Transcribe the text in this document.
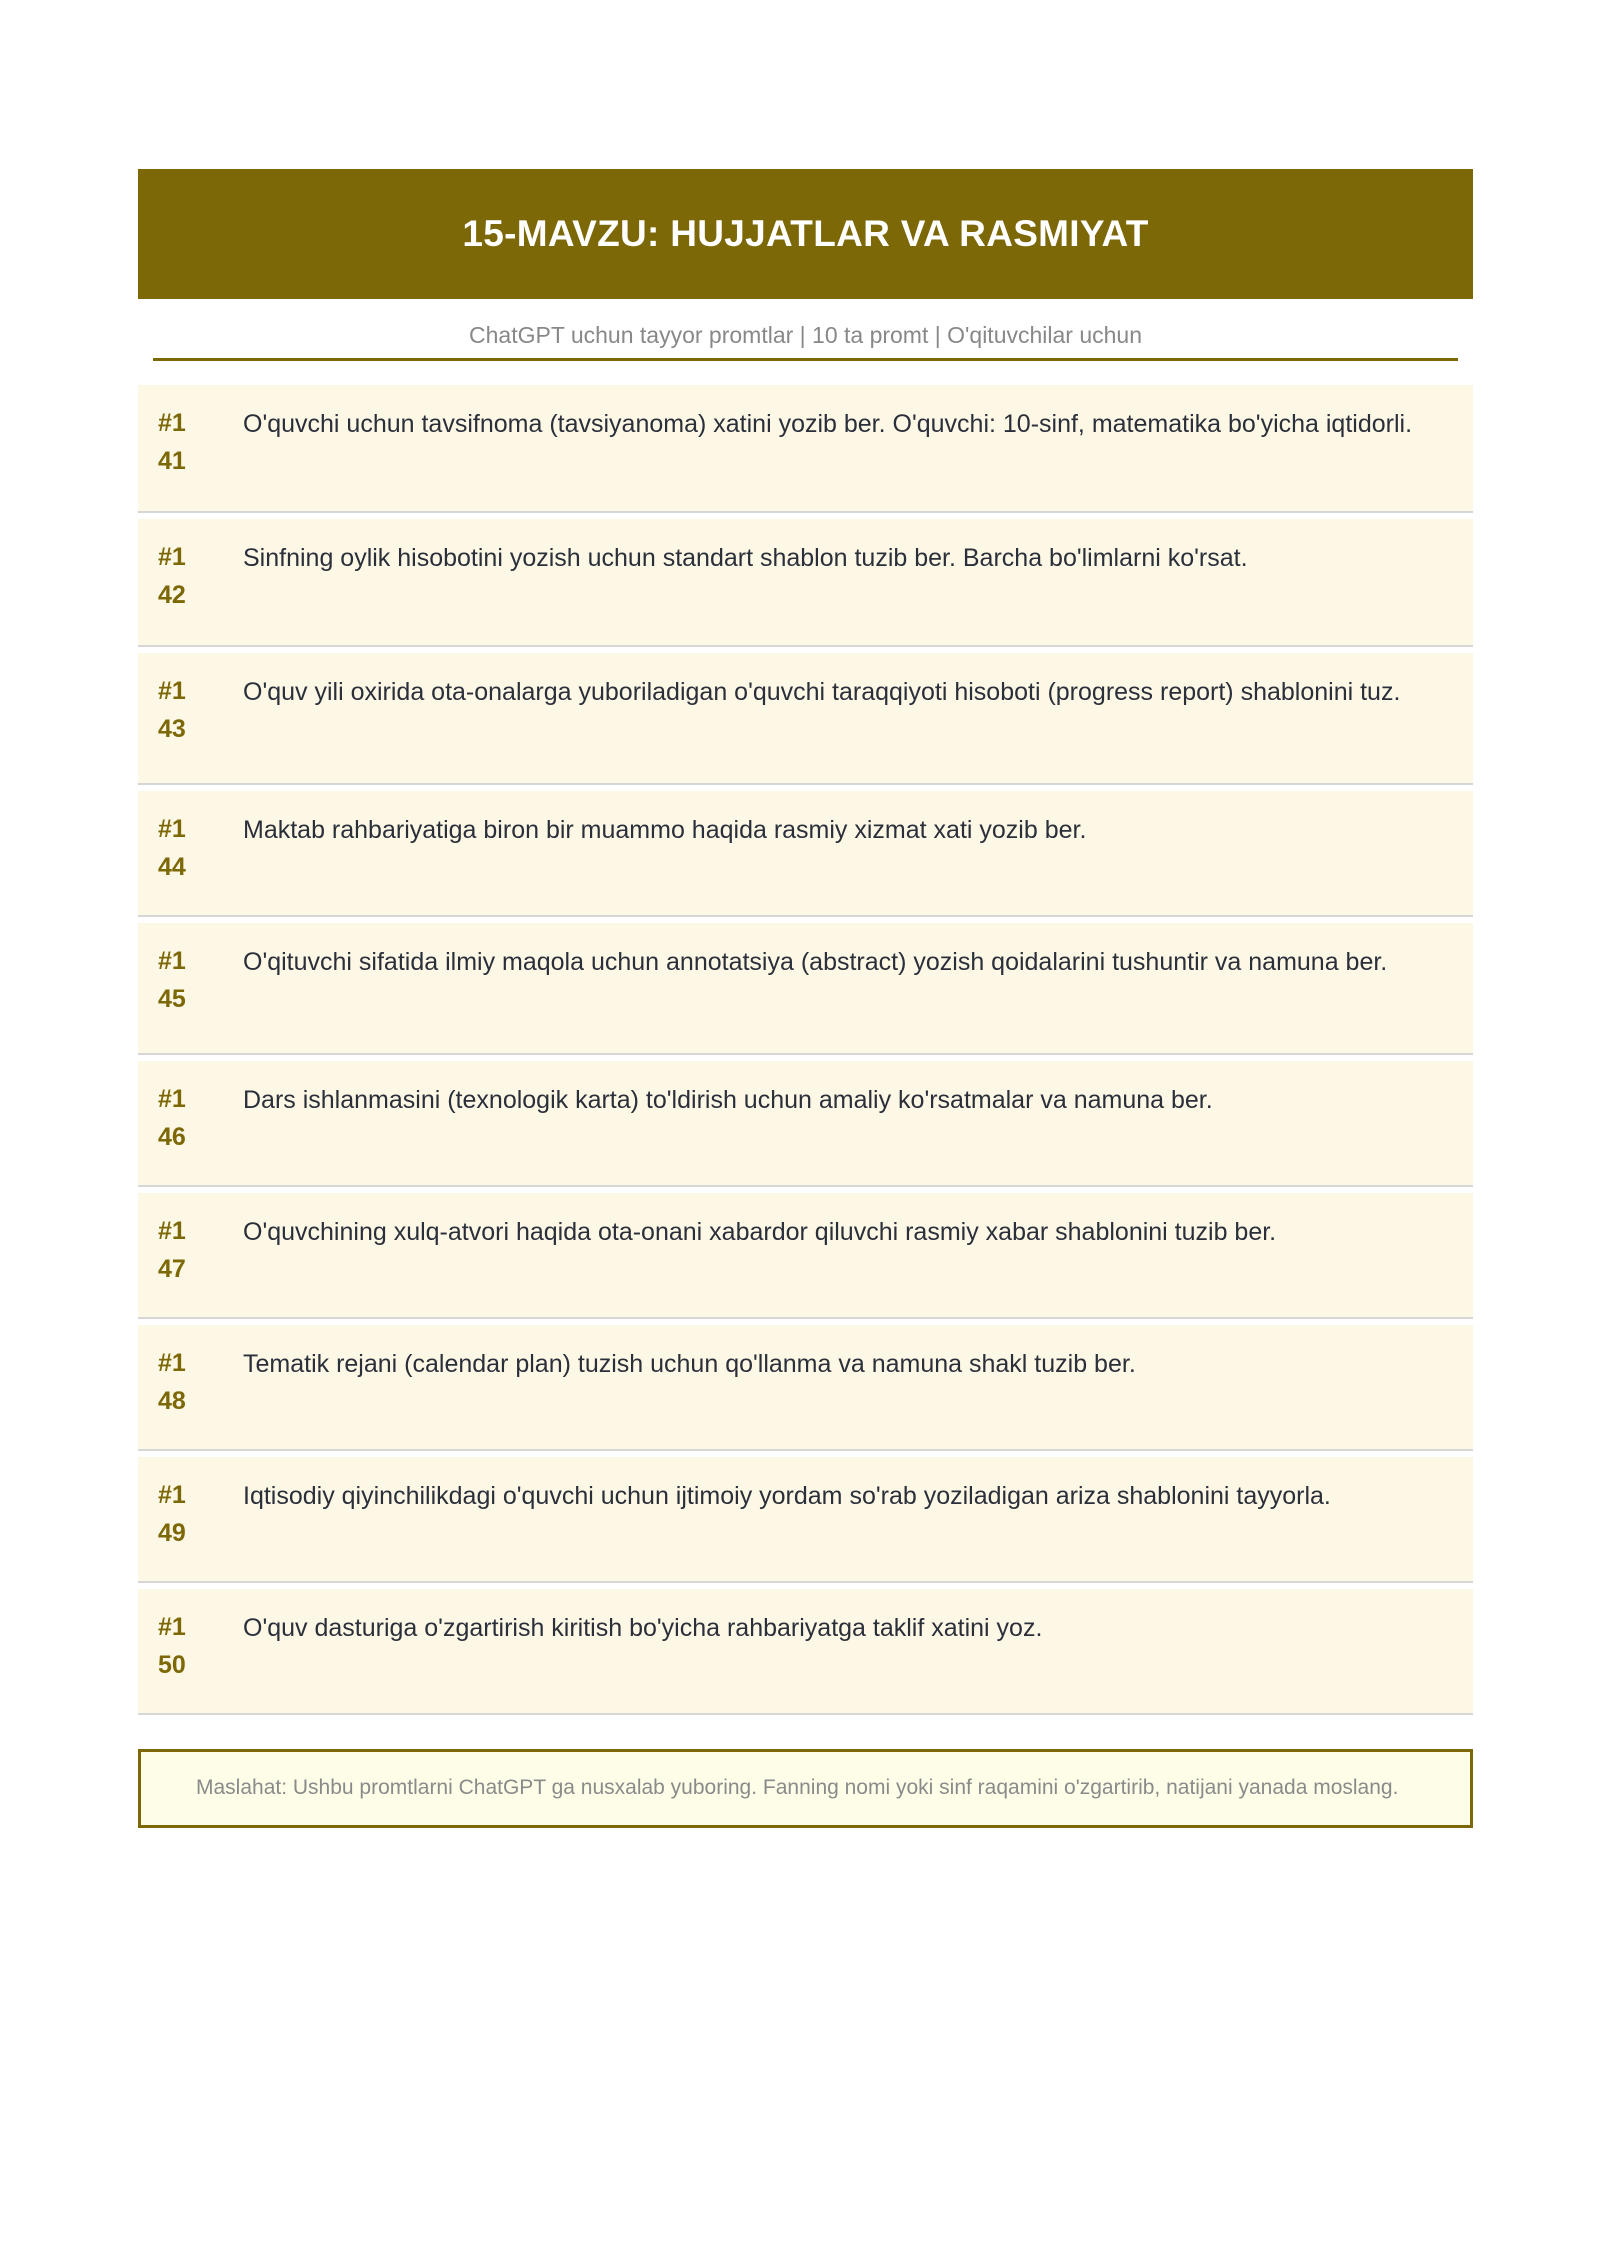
15-MAVZU: HUJJATLAR VA RASMIYAT
ChatGPT uchun tayyor promtlar | 10 ta promt | O'qituvchilar uchun
#1
41
O'quvchi uchun tavsifnoma (tavsiyanoma) xatini yozib ber. O'quvchi: 10-sinf, matematika bo'yicha iqtidorli.
#1
42
Sinfning oylik hisobotini yozish uchun standart shablon tuzib ber. Barcha bo'limlarni ko'rsat.
#1
43
O'quv yili oxirida ota-onalarga yuboriladigan o'quvchi taraqqiyoti hisoboti (progress report) shablonini tuz.
#1
44
Maktab rahbariyatiga biron bir muammo haqida rasmiy xizmat xati yozib ber.
#1
45
O'qituvchi sifatida ilmiy maqola uchun annotatsiya (abstract) yozish qoidalarini tushuntir va namuna ber.
#1
46
Dars ishlanmasini (texnologik karta) to'ldirish uchun amaliy ko'rsatmalar va namuna ber.
#1
47
O'quvchining xulq-atvori haqida ota-onani xabardor qiluvchi rasmiy xabar shablonini tuzib ber.
#1
48
Tematik rejani (calendar plan) tuzish uchun qo'llanma va namuna shakl tuzib ber.
#1
49
Iqtisodiy qiyinchilikdagi o'quvchi uchun ijtimoiy yordam so'rab yoziladigan ariza shablonini tayyorla.
#1
50
O'quv dasturiga o'zgartirish kiritish bo'yicha rahbariyatga taklif xatini yoz.
Maslahat: Ushbu promtlarni ChatGPT ga nusxalab yuboring. Fanning nomi yoki sinf raqamini o'zgartirib, natijani yanada moslang.
